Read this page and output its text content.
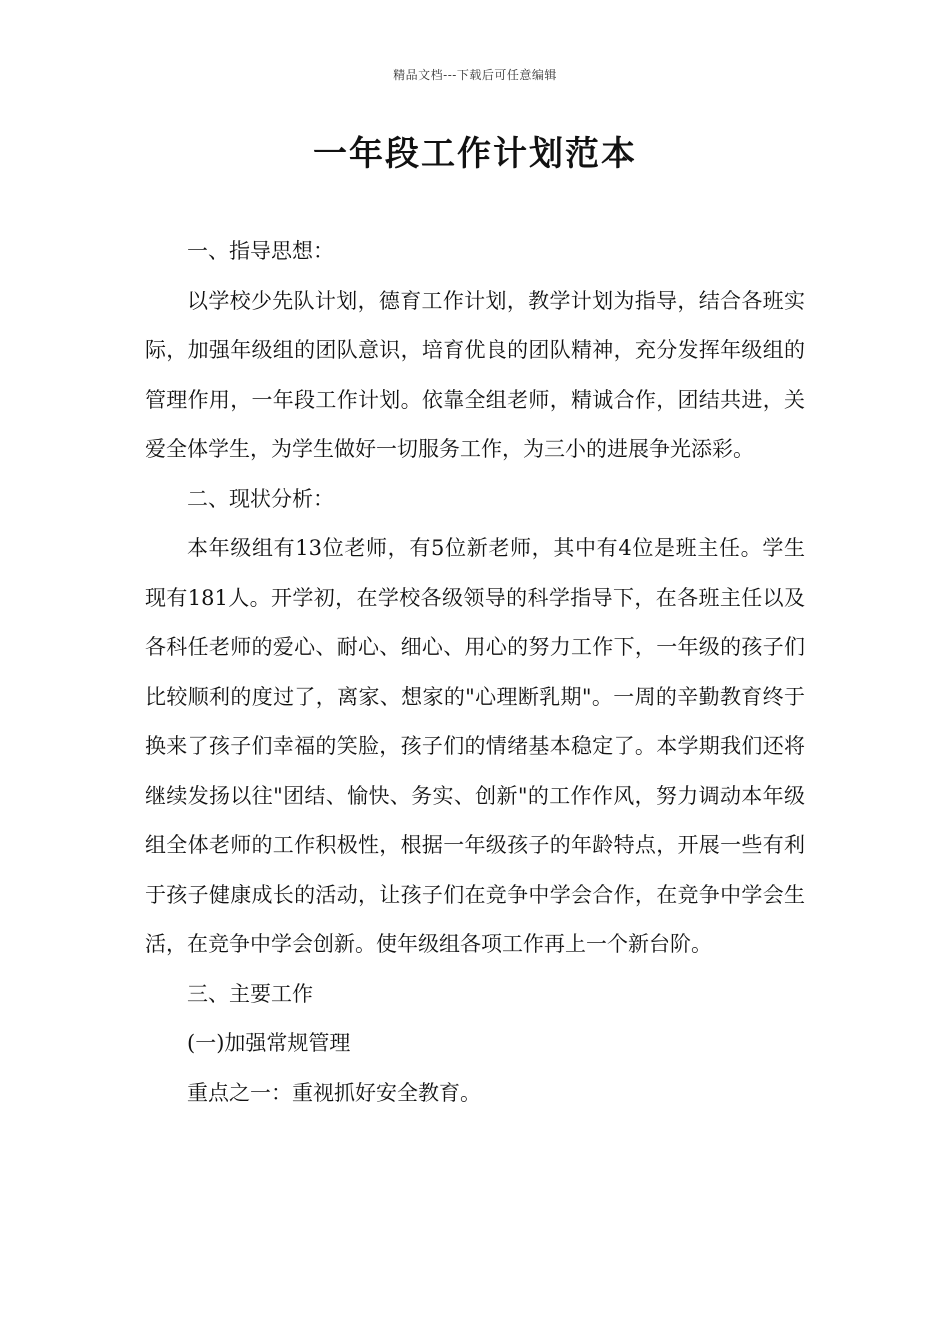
精品文档---下载后可任意编辑
一年段工作计划范本

一、指导思想：

以学校少先队计划，德育工作计划，教学计划为指导，结合各班实际，加强年级组的团队意识，培育优良的团队精神，充分发挥年级组的管理作用，一年段工作计划。依靠全组老师，精诚合作，团结共进，关爱全体学生，为学生做好一切服务工作，为三小的进展争光添彩。

二、现状分析：

本年级组有13位老师，有5位新老师，其中有4位是班主任。学生现有181人。开学初，在学校各级领导的科学指导下，在各班主任以及各科任老师的爱心、耐心、细心、用心的努力工作下，一年级的孩子们比较顺利的度过了，离家、想家的"心理断乳期"。一周的辛勤教育终于换来了孩子们幸福的笑脸，孩子们的情绪基本稳定了。本学期我们还将继续发扬以往"团结、愉快、务实、创新"的工作作风，努力调动本年级组全体老师的工作积极性，根据一年级孩子的年龄特点，开展一些有利于孩子健康成长的活动，让孩子们在竞争中学会合作，在竞争中学会生活，在竞争中学会创新。使年级组各项工作再上一个新台阶。

三、主要工作

(一)加强常规管理

重点之一：重视抓好安全教育。
